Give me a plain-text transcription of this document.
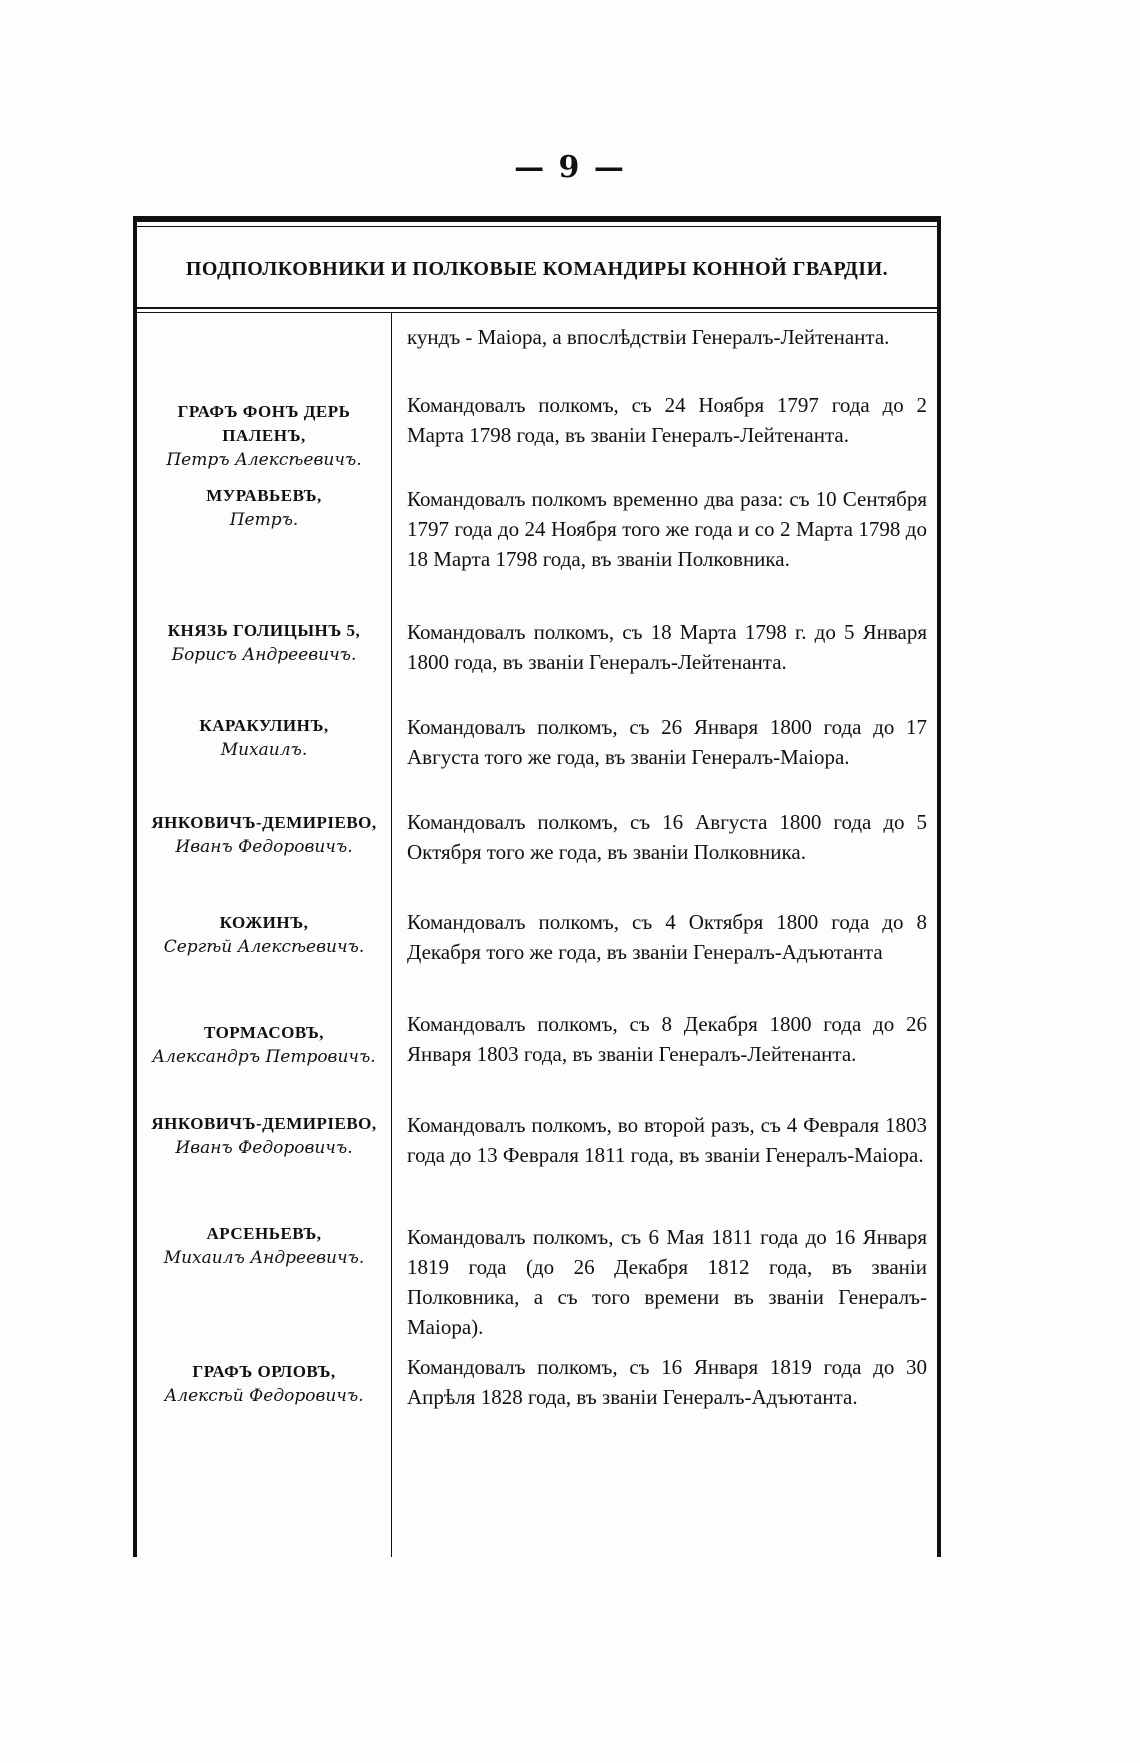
— 9 —
ПОДПОЛКОВНИКИ И ПОЛКОВЫЕ КОМАНДИРЫ КОННОЙ ГВАРДІИ.
кундъ - Маіора, а впослѣдствіи Генералъ-Лейтенанта.
ГРАФЪ ФОНЪ ДЕРЬ ПАЛЕНЪ,
Петръ Алексѣевичъ.
Командовалъ полкомъ, съ 24 Ноября 1797 года до 2 Марта 1798 года, въ званіи Генералъ-Лейтенанта.
МУРАВЬЕВЪ,
Петръ.
Командовалъ полкомъ временно два раза: съ 10 Сентября 1797 года до 24 Ноября того же года и со 2 Марта 1798 до 18 Марта 1798 года, въ званіи Полковника.
КНЯЗЬ ГОЛИЦЫНЪ 5,
Борисъ Андреевичъ.
Командовалъ полкомъ, съ 18 Марта 1798 г. до 5 Января 1800 года, въ званіи Генералъ-Лейтенанта.
КАРАКУЛИНЪ,
Михаилъ.
Командовалъ полкомъ, съ 26 Января 1800 года до 17 Августа того же года, въ званіи Генералъ-Маіора.
ЯНКОВИЧЪ-ДЕМИРІЕВО,
Иванъ Федоровичъ.
Командовалъ полкомъ, съ 16 Августа 1800 года до 5 Октября того же года, въ званіи Полковника.
КОЖИНЪ,
Сергѣй Алексѣевичъ.
Командовалъ полкомъ, съ 4 Октября 1800 года до 8 Декабря того же года, въ званіи Генералъ-Адъютанта
ТОРМАСОВЪ,
Александръ Петровичъ.
Командовалъ полкомъ, съ 8 Декабря 1800 года до 26 Января 1803 года, въ званіи Генералъ-Лейтенанта.
ЯНКОВИЧЪ-ДЕМИРІЕВО,
Иванъ Федоровичъ.
Командовалъ полкомъ, во второй разъ, съ 4 Февраля 1803 года до 13 Февраля 1811 года, въ званіи Генералъ-Маіора.
АРСЕНЬЕВЪ,
Михаилъ Андреевичъ.
Командовалъ полкомъ, съ 6 Мая 1811 года до 16 Января 1819 года (до 26 Декабря 1812 года, въ званіи Полковника, а съ того времени въ званіи Генералъ-Маіора).
ГРАФЪ ОРЛОВЪ,
Алексѣй Федоровичъ.
Командовалъ полкомъ, съ 16 Января 1819 года до 30 Апрѣля 1828 года, въ званіи Генералъ-Адъютанта.
